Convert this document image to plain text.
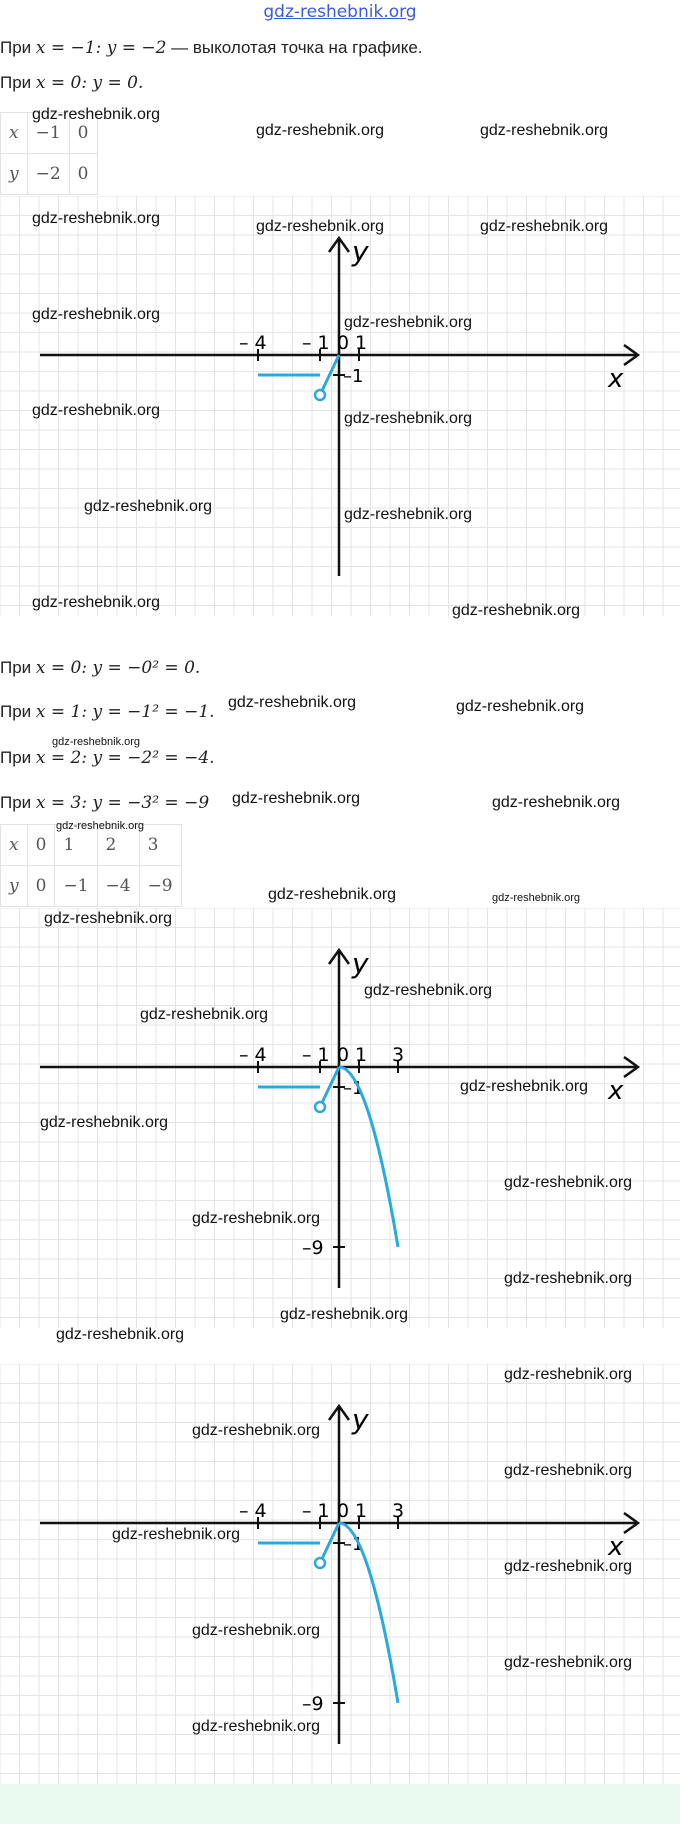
gdz-reshebnik.org
При x = −1: y = −2 — выколотая точка на графике.
При x = 0: y = 0.
x	−1	0
y	−2	0
– 4 – 1 0 1
–1
y
x
При x = 0: y = −0² = 0.
При x = 1: y = −1² = −1.
При x = 2: y = −2² = −4.
При x = 3: y = −3² = −9
x	0	1	2	3
y	0	−1	−4	−9
– 4 – 1 0 1 3
–1
–9
y
x
– 4 – 1 0 1 3
–1
–9
y
x
gdz-reshebnik.org
gdz-reshebnik.org	gdz-reshebnik.org
gdz-reshebnik.org	gdz-reshebnik.org	gdz-reshebnik.org
gdz-reshebnik.org	gdz-reshebnik.org
gdz-reshebnik.org	gdz-reshebnik.org
gdz-reshebnik.org	gdz-reshebnik.org
gdz-reshebnik.org	gdz-reshebnik.org
gdz-reshebnik.org	gdz-reshebnik.org
gdz-reshebnik.org
gdz-reshebnik.org	gdz-reshebnik.org
gdz-reshebnik.org
gdz-reshebnik.org	gdz-reshebnik.org
gdz-reshebnik.org
gdz-reshebnik.org
gdz-reshebnik.org
gdz-reshebnik.org
gdz-reshebnik.org
gdz-reshebnik.org
gdz-reshebnik.org
gdz-reshebnik.org
gdz-reshebnik.org
gdz-reshebnik.org
gdz-reshebnik.org
gdz-reshebnik.org
gdz-reshebnik.org
gdz-reshebnik.org
gdz-reshebnik.org
gdz-reshebnik.org
gdz-reshebnik.org
gdz-reshebnik.org
